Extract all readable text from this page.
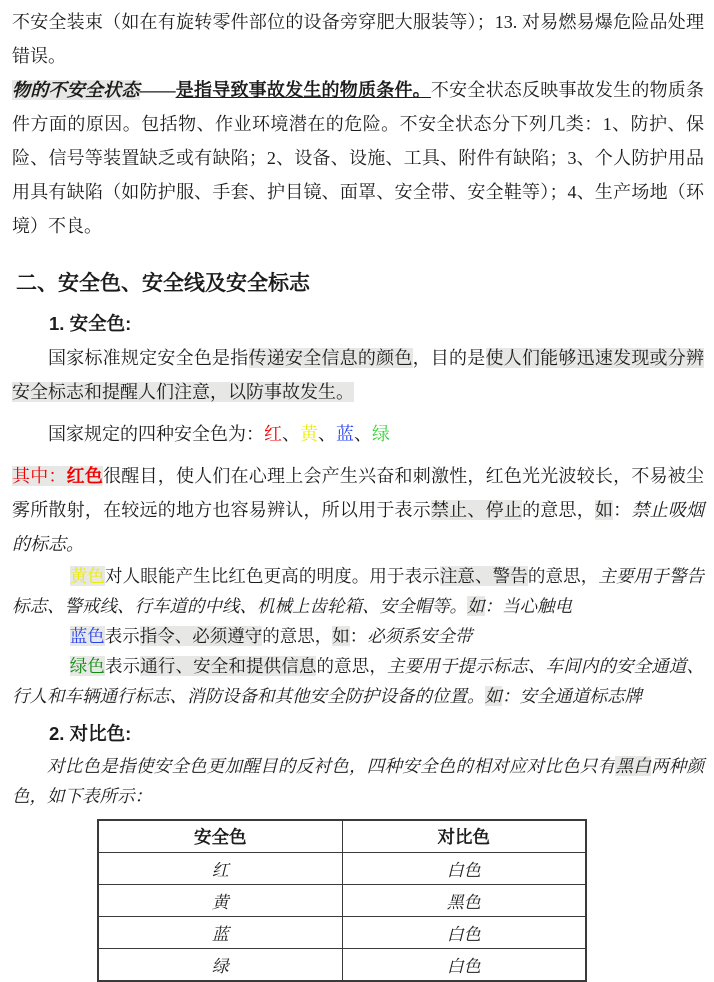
不安全装束（如在有旋转零件部位的设备旁穿肥大服装等）；13. 对易燃易爆危险品处理错误。

物的不安全状态——是指导致事故发生的物质条件。不安全状态反映事故发生的物质条件方面的原因。包括物、作业环境潜在的危险。不安全状态分下列几类：1、防护、保险、信号等装置缺乏或有缺陷；2、设备、设施、工具、附件有缺陷；3、个人防护用品用具有缺陷（如防护服、手套、护目镜、面罩、安全带、安全鞋等）；4、生产场地（环境）不良。

二、安全色、安全线及安全标志
1. 安全色:

国家标准规定安全色是指传递安全信息的颜色，目的是使人们能够迅速发现或分辨安全标志和提醒人们注意，以防事故发生。

国家规定的四种安全色为：红、黄、蓝、绿

其中：红色很醒目，使人们在心理上会产生兴奋和刺激性，红色光光波较长，不易被尘雾所散射，在较远的地方也容易辨认，所以用于表示禁止、停止的意思，如：禁止吸烟的标志。

黄色对人眼能产生比红色更高的明度。用于表示注意、警告的意思，主要用于警告标志、警戒线、行车道的中线、机械上齿轮箱、安全帽等。如：当心触电

蓝色表示指令、必须遵守的意思，如：必须系安全带

绿色表示通行、安全和提供信息的意思，主要用于提示标志、车间内的安全通道、行人和车辆通行标志、消防设备和其他安全防护设备的位置。如：安全通道标志牌

2. 对比色:

对比色是指使安全色更加醒目的反衬色，四种安全色的相对应对比色只有黑白两种颜色，如下表所示：

安全色	对比色
红	白色
黄	黑色
蓝	白色
绿	白色
